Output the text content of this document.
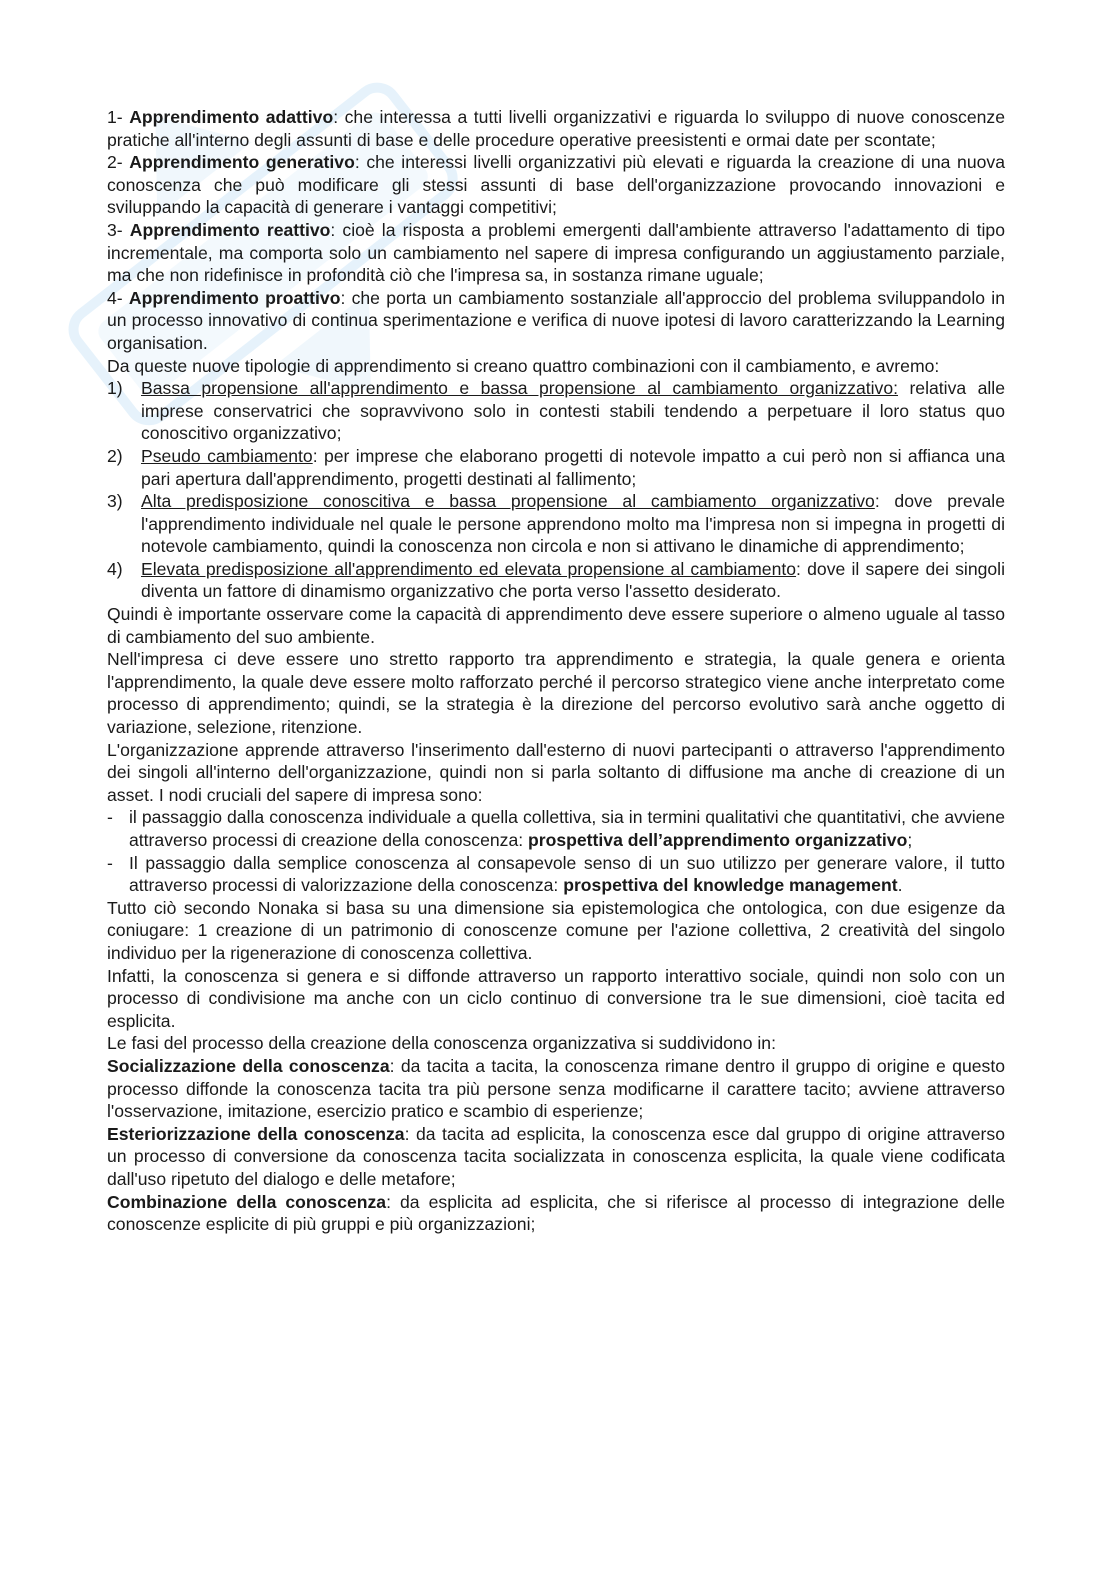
1- Apprendimento adattivo: che interessa a tutti livelli organizzativi e riguarda lo sviluppo di nuove conoscenze pratiche all'interno degli assunti di base e delle procedure operative preesistenti e ormai date per scontate;

2- Apprendimento generativo: che interessi livelli organizzativi più elevati e riguarda la creazione di una nuova conoscenza che può modificare gli stessi assunti di base dell'organizzazione provocando innovazioni e sviluppando la capacità di generare i vantaggi competitivi;

3- Apprendimento reattivo: cioè la risposta a problemi emergenti dall'ambiente attraverso l'adattamento di tipo incrementale, ma comporta solo un cambiamento nel sapere di impresa configurando un aggiustamento parziale, ma che non ridefinisce in profondità ciò che l'impresa sa, in sostanza rimane uguale;

4- Apprendimento proattivo: che porta un cambiamento sostanziale all'approccio del problema sviluppandolo in un processo innovativo di continua sperimentazione e verifica di nuove ipotesi di lavoro caratterizzando la Learning organisation.

Da queste nuove tipologie di apprendimento si creano quattro combinazioni con il cambiamento, e avremo:

1) Bassa propensione all'apprendimento e bassa propensione al cambiamento organizzativo: relativa alle imprese conservatrici che sopravvivono solo in contesti stabili tendendo a perpetuare il loro status quo conoscitivo organizzativo;
2) Pseudo cambiamento: per imprese che elaborano progetti di notevole impatto a cui però non si affianca una pari apertura dall'apprendimento, progetti destinati al fallimento;
3) Alta predisposizione conoscitiva e bassa propensione al cambiamento organizzativo: dove prevale l'apprendimento individuale nel quale le persone apprendono molto ma l'impresa non si impegna in progetti di notevole cambiamento, quindi la conoscenza non circola e non si attivano le dinamiche di apprendimento;
4) Elevata predisposizione all'apprendimento ed elevata propensione al cambiamento: dove il sapere dei singoli diventa un fattore di dinamismo organizzativo che porta verso l'assetto desiderato.

Quindi è importante osservare come la capacità di apprendimento deve essere superiore o almeno uguale al tasso di cambiamento del suo ambiente.

Nell'impresa ci deve essere uno stretto rapporto tra apprendimento e strategia, la quale genera e orienta l'apprendimento, la quale deve essere molto rafforzato perché il percorso strategico viene anche interpretato come processo di apprendimento; quindi, se la strategia è la direzione del percorso evolutivo sarà anche oggetto di variazione, selezione, ritenzione.

L'organizzazione apprende attraverso l'inserimento dall'esterno di nuovi partecipanti o attraverso l'apprendimento dei singoli all'interno dell'organizzazione, quindi non si parla soltanto di diffusione ma anche di creazione di un asset. I nodi cruciali del sapere di impresa sono:

- il passaggio dalla conoscenza individuale a quella collettiva, sia in termini qualitativi che quantitativi, che avviene attraverso processi di creazione della conoscenza: prospettiva dell’apprendimento organizzativo;
- Il passaggio dalla semplice conoscenza al consapevole senso di un suo utilizzo per generare valore, il tutto attraverso processi di valorizzazione della conoscenza: prospettiva del knowledge management.

Tutto ciò secondo Nonaka si basa su una dimensione sia epistemologica che ontologica, con due esigenze da coniugare: 1 creazione di un patrimonio di conoscenze comune per l'azione collettiva, 2 creatività del singolo individuo per la rigenerazione di conoscenza collettiva.

Infatti, la conoscenza si genera e si diffonde attraverso un rapporto interattivo sociale, quindi non solo con un processo di condivisione ma anche con un ciclo continuo di conversione tra le sue dimensioni, cioè tacita ed esplicita.

Le fasi del processo della creazione della conoscenza organizzativa si suddividono in:

Socializzazione della conoscenza: da tacita a tacita, la conoscenza rimane dentro il gruppo di origine e questo processo diffonde la conoscenza tacita tra più persone senza modificarne il carattere tacito; avviene attraverso l'osservazione, imitazione, esercizio pratico e scambio di esperienze;

Esteriorizzazione della conoscenza: da tacita ad esplicita, la conoscenza esce dal gruppo di origine attraverso un processo di conversione da conoscenza tacita socializzata in conoscenza esplicita, la quale viene codificata dall'uso ripetuto del dialogo e delle metafore;

Combinazione della conoscenza: da esplicita ad esplicita, che si riferisce al processo di integrazione delle conoscenze esplicite di più gruppi e più organizzazioni;
